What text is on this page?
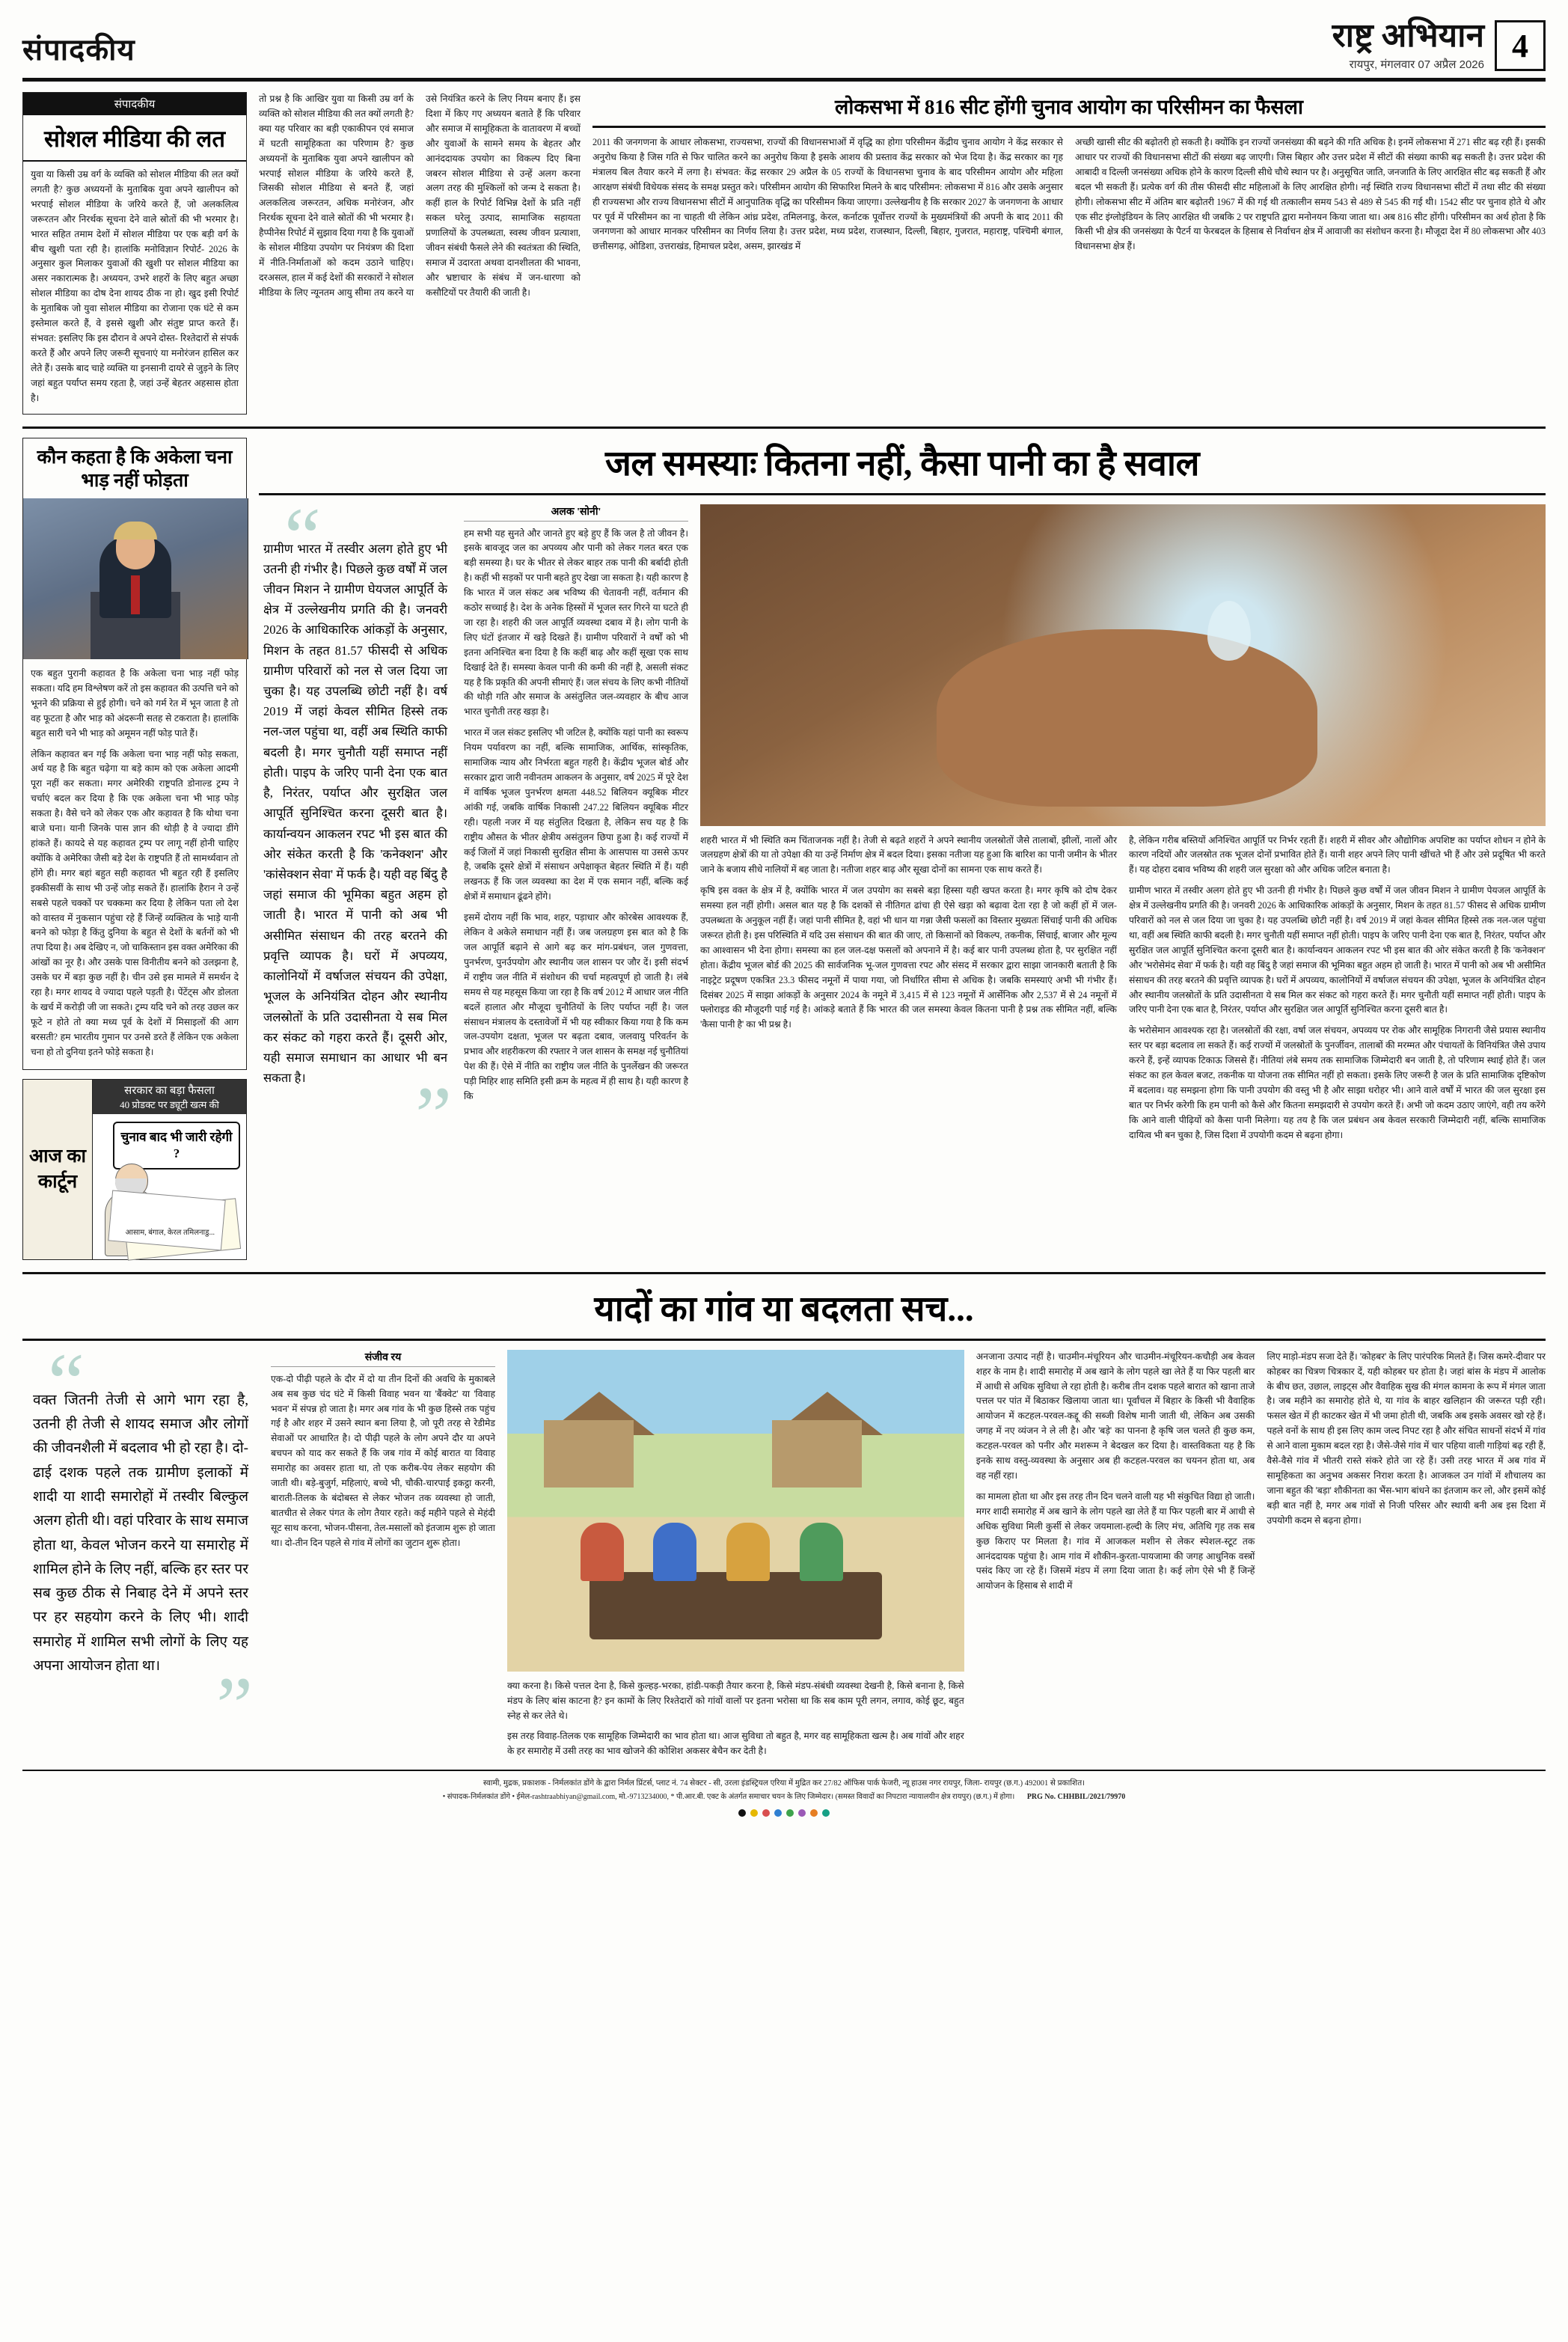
संपादकीय	राष्ट्र अभियान
रायपुर, मंगलवार 07 अप्रैल 2026
4
संपादकीय
सोशल मीडिया की लत
युवा या किसी उम्र वर्ग के व्यक्ति को सोशल मीडिया की लत क्यों लगती है? कुछ अध्ययनों के मुताबिक युवा अपने खालीपन को भरपाई सोशल मीडिया के जरिये करते हैं, जो अलकलित्व जरूरतन और निरर्थक सूचना देने वाले स्रोतों की भी भरमार है। भारत सहित तमाम देशों में सोशल मीडिया पर एक बड़ी वर्ग के बीच खुशी पता रही है। हालांकि मनोविज्ञान रिपोर्ट- 2026 के अनुसार कुल मिलाकर युवाओं की खुशी पर सोशल मीडिया का असर नकारात्मक है। अध्ययन, उभरे शहरों के लिए बहुत अच्छा सोशल मीडिया का दोष देना शायद ठीक ना हो। खुद इसी रिपोर्ट के मुताबिक जो युवा सोशल मीडिया का रोजाना एक घंटे से कम इस्तेमाल करते हैं, वे इससे खुशी और संतुष्ट प्राप्त करते हैं। संभवत: इसलिए कि इस दौरान वे अपने दोस्त- रिश्तेदारों से संपर्क करते हैं और अपने लिए जरूरी सूचनाएं या मनोरंजन हासिल कर लेते हैं। उसके बाद चाहे व्यक्ति या इनसानी दायरे से जुड़ने के लिए जहां बहुत पर्याप्त समय रहता है, जहां उन्हें बेहतर अहसास होता है।
तो प्रश्न है कि आखिर युवा या किसी उम्र वर्ग के व्यक्ति को सोशल मीडिया की लत क्यों लगती है? क्या यह परिवार का बड़ी एकाकीपन एवं समाज में घटती सामूहिकता का परिणाम है? कुछ अध्ययनों के मुताबिक युवा अपने खालीपन को भरपाई सोशल मीडिया के जरिये करते हैं, जिसकी सोशल मीडिया से बनते हैं, जहां अलकलित्व जरूरतन, अधिक मनोरंजन, और निरर्थक सूचना देने वाले स्रोतों की भी भरमार है। हैप्पीनेस रिपोर्ट में सुझाव दिया गया है कि युवाओं के सोशल मीडिया उपयोग पर नियंत्रण की दिशा में नीति-निर्माताओं को कदम उठाने चाहिए। दरअसल, हाल में कई देशों की सरकारों ने सोशल मीडिया के लिए न्यूनतम आयु सीमा तय करने या उसे नियंत्रित करने के लिए नियम बनाए हैं। इस दिशा में किए गए अध्ययन बताते हैं कि परिवार और समाज में सामूहिकता के वातावरण में बच्चों और युवाओं के सामने समय के बेहतर और आनंददायक उपयोग का विकल्प दिए बिना जबरन सोशल मीडिया से उन्हें अलग करना अलग तरह की मुश्किलों को जन्म दे सकता है। कहीं हाल के रिपोर्ट विभिन्न देशों के प्रति नहीं सकल घरेलू उत्पाद, सामाजिक सहायता प्रणालियों के उपलब्धता, स्वस्थ जीवन प्रत्याशा, जीवन संबंधी फैसले लेने की स्वतंत्रता की स्थिति, समाज में उदारता अथवा दानशीलता की भावना, और भ्रष्टाचार के संबंध में जन-धारणा को कसौटियों पर तैयारी की जाती है।
लोकसभा में 816 सीट होंगी चुनाव आयोग का परिसीमन का फैसला
2011 की जनगणना के आधार लोकसभा, राज्यसभा, राज्यों की विधानसभाओं में वृद्धि का होगा परिसीमन केंद्रीय चुनाव आयोग ने केंद्र सरकार से अनुरोध किया है जिस गति से फिर चालित करने का अनुरोध किया है इसके आशय की प्रस्ताव केंद्र सरकार को भेज दिया है। केंद्र सरकार का गृह मंत्रालय बिल तैयार करने में लगा है। संभवत: केंद्र सरकार 29 अप्रैल के 05 राज्यों के विधानसभा चुनाव के बाद परिसीमन आयोग और महिला आरक्षण संबंधी विधेयक संसद के समक्ष प्रस्तुत करे। परिसीमन आयोग की सिफारिश मिलने के बाद परिसीमन: लोकसभा में 816 और उसके अनुसार ही राज्यसभा और राज्य विधानसभा सीटों में आनुपातिक वृद्धि का परिसीमन किया जाएगा। उल्लेखनीय है कि सरकार 2027 के जनगणना के आधार पर पूर्व में परिसीमन का ना चाहती थी लेकिन आंध्र प्रदेश, तमिलनाडु, केरल, कर्नाटक पूर्वोत्तर राज्यों के मुख्यमंत्रियों की अपनी के बाद 2011 की जनगणना को आधार मानकर परिसीमन का निर्णय लिया है। उत्तर प्रदेश, मध्य प्रदेश, राजस्थान, दिल्ली, बिहार, गुजरात, महाराष्ट्र, पश्चिमी बंगाल, छत्तीसगढ़, ओडिशा, उत्तराखंड, हिमाचल प्रदेश, असम, झारखंड में
अच्छी खासी सीट की बढ़ोतरी हो सकती है। क्योंकि इन राज्यों जनसंख्या की बढ़ने की गति अधिक है। इनमें लोकसभा में 271 सीट बढ़ रही हैं। इसकी आधार पर राज्यों की विधानसभा सीटों की संख्या बढ़ जाएगी। जिस बिहार और उत्तर प्रदेश में सीटों की संख्या काफी बढ़ सकती है। उत्तर प्रदेश की आबादी व दिल्ली जनसंख्या अधिक होने के कारण दिल्ली सीधे चौथे स्थान पर है। अनुसूचित जाति, जनजाति के लिए आरक्षित सीट बढ़ सकती हैं और बदल भी सकती हैं। प्रत्येक वर्ग की तीस फीसदी सीट महिलाओं के लिए आरक्षित होगी। नई स्थिति राज्य विधानसभा सीटों में तथा सीट की संख्या होगी। लोकसभा सीट में अंतिम बार बढ़ोतरी 1967 में की गई थी तत्कालीन समय 543 से 489 से 545 की गई थी। 1542 सीट पर चुनाव होते थे और एक सीट इंग्लोइंडियन के लिए आरक्षित थी जबकि 2 पर राष्ट्रपति द्वारा मनोनयन किया जाता था। अब 816 सीट होंगी। परिसीमन का अर्थ होता है कि किसी भी क्षेत्र की जनसंख्या के पैटर्न या फेरबदल के हिसाब से निर्वाचन क्षेत्र में आवाजी का संशोधन करना है। मौजूदा देश में 80 लोकसभा और 403 विधानसभा क्षेत्र हैं।
कौन कहता है कि अकेला चना भाड़ नहीं फोड़ता
एक बहुत पुरानी कहावत है कि अकेला चना भाड़ नहीं फोड़ सकता। यदि हम विश्लेषण करें तो इस कहावत की उत्पत्ति चने को भूनने की प्रक्रिया से हुई होगी। चने को गर्म रेत में भून जाता है तो वह फूटता है और भाड़ को अंदरूनी सतह से टकराता है। हालांकि बहुत सारी चने भी भाड़ को अमूमन नहीं फोड़ पाते हैं।
लेकिन कहावत बन गई कि अकेला चना भाड़ नहीं फोड़ सकता, अर्थ यह है कि बहुत चढ़ेगा या बड़े काम को एक अकेला आदमी पूरा नहीं कर सकता। मगर अमेरिकी राष्ट्रपति डोनाल्ड ट्रम्प ने चर्चाएं बदल कर दिया है कि एक अकेला चना भी भाड़ फोड़ सकता है। वैसे चने को लेकर एक और कहावत है कि थोथा चना बाजे घना। यानी जिनके पास ज्ञान की थोड़ी है वे ज्यादा डींगे हांकते हैं। कायदे से यह कहावत ट्रम्प पर लागू नहीं होनी चाहिए क्योंकि वे अमेरिका जैसी बड़े देश के राष्ट्रपति हैं तो सामर्थ्यवान तो होंगे ही। मगर बहां बहुत सही कहावत भी बहुत रही हैं इसलिए इक्कीसवीं के साथ भी उन्हें जोड़ सकते हैं। हालांकि हैरान ने उन्हें सबसे पहले चक्कों पर चक्कमा कर दिया है लेकिन पता लो देश को वास्तव में नुकसान पहुंचा रहे हैं जिन्हें व्यक्तित्व के भाड़े यानी बनने को फोड़ा है किंतु दुनिया के बहुत से देशों के बर्तनों को भी तपा दिया है। अब देखिए न, जो चाकिस्तान इस वक्त अमेरिका की आंखों का नूर है। और उसके पास विनीतीय बनने को उलझना है, उसके घर में बड़ा कुछ नहीं है। चीन उसे इस मामले में समर्थन दे रहा है। मगर शायद वे ज्यादा पहले पड़ती है। पेंटेंट्स और डोलता के खर्च में करोड़ी जी जा सकते। ट्रम्प यदि चने को तरह उछल कर फूटे न होते तो क्या मध्य पूर्व के देशों में मिसाइलों की आग बरसती? हम भारतीय गुमान पर उनसे डरते हैं लेकिन एक अकेला चना हो तो दुनिया इतने फोड़े सकता है।
आज का कार्टून
सरकार का बड़ा फैसला
40 प्रोडक्ट पर ड्यूटी खत्म की
चुनाव बाद भी जारी रहेगी ?
आसाम, बंगाल, केरल तमिलनाडु...
जल समस्याः कितना नहीं, कैसा पानी का है सवाल
“
ग्रामीण भारत में तस्वीर अलग होते हुए भी उतनी ही गंभीर है। पिछले कुछ वर्षों में जल जीवन मिशन ने ग्रामीण घेयजल आपूर्ति के क्षेत्र में उल्लेखनीय प्रगति की है। जनवरी 2026 के आधिकारिक आंकड़ों के अनुसार, मिशन के तहत 81.57 फीसदी से अधिक ग्रामीण परिवारों को नल से जल दिया जा चुका है। यह उपलब्धि छोटी नहीं है। वर्ष 2019 में जहां केवल सीमित हिस्से तक नल-जल पहुंचा था, वहीं अब स्थिति काफी बदली है। मगर चुनौती यहीं समाप्त नहीं होती। पाइप के जरिए पानी देना एक बात है, निरंतर, पर्याप्त और सुरक्षित जल आपूर्ति सुनिश्चित करना दूसरी बात है। कार्यान्वयन आकलन रपट भी इस बात की ओर संकेत करती है कि 'कनेक्शन' और 'कांसेक्शन सेवा' में फर्क है। यही वह बिंदु है जहां समाज की भूमिका बहुत अहम हो जाती है। भारत में पानी को अब भी असीमित संसाधन की तरह बरतने की प्रवृत्ति व्यापक है। घरों में अपव्यय, कालोनियों में वर्षाजल संचयन की उपेक्षा, भूजल के अनियंत्रित दोहन और स्थानीय जलस्रोतों के प्रति उदासीनता ये सब मिल कर संकट को गहरा करते हैं। दूसरी ओर, यही समाज समाधान का आधार भी बन सकता है।	”
अलक 'सोनी'
हम सभी यह सुनते और जानते हुए बड़े हुए हैं कि जल है तो जीवन है। इसके बावजूद जल का अपव्यय और पानी को लेकर गलत बरत एक बड़ी समस्या है। घर के भीतर से लेकर बाहर तक पानी की बर्बादी होती है। कहीं भी सड़कों पर पानी बहते हुए देखा जा सकता है। यही कारण है कि भारत में जल संकट अब भविष्य की चेतावनी नहीं, वर्तमान की कठोर सच्चाई है। देश के अनेक हिस्सों में भूजल स्तर गिरने या घटते ही जा रहा है। शहरी की जल आपूर्ति व्यवस्था दबाव में है। लोग पानी के लिए घंटों इंतजार में खड़े दिखते हैं। ग्रामीण परिवारों ने वर्षों को भी इतना अनिश्चित बना दिया है कि कहीं बाढ़ और कहीं सूखा एक साथ दिखाई देते हैं। समस्या केवल पानी की कमी की नहीं है, असली संकट यह है कि प्रकृति की अपनी सीमाएं हैं। जल संचय के लिए कभी नीतियों की थोड़ी गति और समाज के असंतुलित जल-व्यवहार के बीच आज भारत चुनौती तरह खड़ा है।
भारत में जल संकट इसलिए भी जटिल है, क्योंकि यहां पानी का स्वरूप नियम पर्यावरण का नहीं, बल्कि सामाजिक, आर्थिक, सांस्कृतिक, सामाजिक न्याय और निर्भरता बहुत गहरी है। केंद्रीय भूजल बोर्ड और सरकार द्वारा जारी नवीनतम आकलन के अनुसार, वर्ष 2025 में पूरे देश में वार्षिक भूजल पुनर्भरण क्षमता 448.52 बिलियन क्यूबिक मीटर आंकी गई, जबकि वार्षिक निकासी 247.22 बिलियन क्यूबिक मीटर रही। पहली नजर में यह संतुलित दिखता है, लेकिन सच यह है कि राष्ट्रीय औसत के भीतर क्षेत्रीय असंतुलन छिपा हुआ है। कई राज्यों में कई जिलों में जहां निकासी सुरक्षित सीमा के आसपास या उससे ऊपर है, जबकि दूसरे क्षेत्रों में संसाधन अपेक्षाकृत बेहतर स्थिति में हैं। यही लखनऊ हैं कि जल व्यवस्था का देश में एक समान नहीं, बल्कि कई क्षेत्रों में समाधान ढूंढने होंगे।
इसमें दोराय नहीं कि भाव, शहर, पड़ाधार और कोरबेस आवश्यक हैं, लेकिन वे अकेले समाधान नहीं हैं। जब जलग्रहण इस बात को है कि जल आपूर्ति बढ़ाने से आगे बढ़ कर मांग-प्रबंधन, जल गुणवत्ता, पुनर्भरण, पुनर्उपयोग और स्थानीय जल शासन पर जौर दें। इसी संदर्भ में राष्ट्रीय जल नीति में संशोधन की चर्चा महत्वपूर्ण हो जाती है। लंबे समय से यह महसूस किया जा रहा है कि वर्ष 2012 में आधार जल नीति बदलें हालात और मौजूदा चुनौतियों के लिए पर्याप्त नहीं है। जल संसाधन मंत्रालय के दस्तावेजों में भी यह स्वीकार किया गया है कि कम जल-उपयोग दक्षता, भूजल पर बढ़ता दबाव, जलवायु परिवर्तन के प्रभाव और शहरीकरण की रफ्तार ने जल शासन के समक्ष नई चुनौतियां पेश की हैं। ऐसे में नीति का राष्ट्रीय जल नीति के पुनर्लेखन की जरूरत पड़ी मिहिर शाह समिति इसी क्रम के महत्व में ही साथ है। यही कारण है कि
शहरी भारत में भी स्थिति कम चिंताजनक नहीं है। तेजी से बढ़ते शहरों ने अपने स्थानीय जलस्रोतों जैसे तालाबों, झीलों, नालों और जलग्रहण क्षेत्रों की या तो उपेक्षा की या उन्हें निर्माण क्षेत्र में बदल दिया। इसका नतीजा यह हुआ कि बारिश का पानी जमीन के भीतर जाने के बजाय सीधे नालियों में बह जाता है। नतीजा शहर बाढ़ और सूखा दोनों का सामना एक साथ करते हैं।
कृषि इस वक्त के क्षेत्र में है, क्योंकि भारत में जल उपयोग का सबसे बड़ा हिस्सा यही खपत करता है। मगर कृषि को दोष देकर समस्या हल नहीं होगी। असल बात यह है कि दशकों से नीतिगत ढांचा ही ऐसे खड़ा को बढ़ावा देता रहा है जो कहीं हों में जल-उपलब्धता के अनुकूल नहीं हैं। जहां पानी सीमित है, वहां भी धान या गन्ना जैसी फसलों का विस्तार मुख्यतः सिंचाई पानी की अधिक जरूरत होती है। इस परिस्थिति में यदि उस संसाधन की बात की जाए, तो किसानों को विकल्प, तकनीक, सिंचाई, बाजार और मूल्य का आश्वासन भी देना होगा। समस्या का हल जल-दक्ष फसलों को अपनाने में है। कई बार पानी उपलब्ध होता है, पर सुरक्षित नहीं होता। केंद्रीय भूजल बोर्ड की 2025 की सार्वजनिक भू-जल गुणवत्ता रपट और संसद में सरकार द्वारा साझा जानकारी बताती है कि नाइट्रेट प्रदूषण एकत्रित 23.3 फीसद नमूनों में पाया गया, जो निर्धारित सीमा से अधिक है। जबकि समस्याएं अभी भी गंभीर हैं। दिसंबर 2025 में साझा आंकड़ों के अनुसार 2024 के नमूने में 3,415 में से 123 नमूनों में आर्सेनिक और 2,537 में से 24 नमूनों में फ्लोराइड की मौजूदगी पाई गई है। आंकड़े बताते हैं कि भारत की जल समस्या केवल कितना पानी है प्रश्न तक सीमित नहीं, बल्कि 'कैसा पानी है' का भी प्रश्न है।
है, लेकिन गरीब बस्तियों अनिश्चित आपूर्ति पर निर्भर रहती हैं। शहरी में सीवर और औद्योगिक अपशिष्ट का पर्याप्त शोधन न होने के कारण नदियों और जलस्रोत तक भूजल दोनों प्रभावित होते हैं। यानी शहर अपने लिए पानी खींचते भी हैं और उसे प्रदूषित भी करते हैं। यह दोहरा दबाव भविष्य की शहरी जल सुरक्षा को और अधिक जटिल बनाता है।
ग्रामीण भारत में तस्वीर अलग होते हुए भी उतनी ही गंभीर है। पिछले कुछ वर्षों में जल जीवन मिशन ने ग्रामीण पेयजल आपूर्ति के क्षेत्र में उल्लेखनीय प्रगति की है। जनवरी 2026 के आधिकारिक आंकड़ों के अनुसार, मिशन के तहत 81.57 फीसद से अधिक ग्रामीण परिवारों को नल से जल दिया जा चुका है। यह उपलब्धि छोटी नहीं है। वर्ष 2019 में जहां केवल सीमित हिस्से तक नल-जल पहुंचा था, वहीं अब स्थिति काफी बदली है। मगर चुनौती यहीं समाप्त नहीं होती। पाइप के जरिए पानी देना एक बात है, निरंतर, पर्याप्त और सुरक्षित जल आपूर्ति सुनिश्चित करना दूसरी बात है। कार्यान्वयन आकलन रपट भी इस बात की ओर संकेत करती है कि 'कनेक्शन' और 'भरोसेमंद सेवा' में फर्क है। यही वह बिंदु है जहां समाज की भूमिका बहुत अहम हो जाती है। भारत में पानी को अब भी असीमित संसाधन की तरह बरतने की प्रवृत्ति व्यापक है। घरों में अपव्यय, कालोनियों में वर्षाजल संचयन की उपेक्षा, भूजल के अनियंत्रित दोहन और स्थानीय जलस्रोतों के प्रति उदासीनता ये सब मिल कर संकट को गहरा करते हैं। मगर चुनौती यहीं समाप्त नहीं होती। पाइप के जरिए पानी देना एक बात है, निरंतर, पर्याप्त और सुरक्षित जल आपूर्ति सुनिश्चित करना दूसरी बात है।
के भरोसेमान आवश्यक रहा है। जलस्रोतों की रक्षा, वर्षा जल संचयन, अपव्यय पर रोक और सामूहिक निगरानी जैसे प्रयास स्थानीय स्तर पर बड़ा बदलाव ला सकते हैं। कई राज्यों में जलस्रोतों के पुनर्जीवन, तालाबों की मरम्मत और पंचायतों के विनियंत्रित जैसे उपाय करने हैं, इन्हें व्यापक टिकाऊ जिससे हैं। नीतियां लंबे समय तक सामाजिक जिम्मेदारी बन जाती है, तो परिणाम स्थाई होते हैं। जल संकट का हल केवल बजट, तकनीक या योजना तक सीमित नहीं हो सकता। इसके लिए जरूरी है जल के प्रति सामाजिक दृष्टिकोण में बदलाव। यह समझना होगा कि पानी उपयोग की वस्तु भी है और साझा धरोहर भी। आने वाले वर्षों में भारत की जल सुरक्षा इस बात पर निर्भर करेगी कि हम पानी को कैसे और कितना समझदारी से उपयोग करते हैं। अभी जो कदम उठाए जाएंगे, वही तय करेंगे कि आने वाली पीढ़ियों को कैसा पानी मिलेगा। यह तय है कि जल प्रबंधन अब केवल सरकारी जिम्मेदारी नहीं, बल्कि सामाजिक दायित्व भी बन चुका है, जिस दिशा में उपयोगी कदम से बढ़ना होगा।
यादों का गांव या बदलता सच...
“
वक्त जितनी तेजी से आगे भाग रहा है, उतनी ही तेजी से शायद समाज और लोगों की जीवनशैली में बदलाव भी हो रहा है। दो-ढाई दशक पहले तक ग्रामीण इलाकों में शादी या शादी समारोहों में तस्वीर बिल्कुल अलग होती थी। वहां परिवार के साथ समाज होता था, केवल भोजन करने या समारोह में शामिल होने के लिए नहीं, बल्कि हर स्तर पर सब कुछ ठीक से निबाह देने में अपने स्तर पर हर सहयोग करने के लिए भी। शादी समारोह में शामिल सभी लोगों के लिए यह अपना आयोजन होता था। ”
संजीव रय
एक-दो पीढ़ी पहले के दौर में दो या तीन दिनों की अवधि के मुकाबले अब सब कुछ चंद घंटे में किसी विवाह भवन या 'बैंक्वेट' या 'विवाह भवन' में संपन्न हो जाता है। मगर अब गांव के भी कुछ हिस्से तक पहुंच गई है और शहर में उसने स्थान बना लिया है, जो पूरी तरह से रेडीमेड सेवाओं पर आधारित है। दो पीढ़ी पहले के लोग अपने दौर या अपने बचपन को याद कर सकते हैं कि जब गांव में कोई बारात या विवाह समारोह का अवसर हाता था, तो एक करीब-पेय लेकर सहयोग की जाती थी। बड़े-बुजुर्ग, महिलाएं, बच्चे भी, चौकी-चारपाई इकट्ठा करनी, बाराती-तिलक के बंदोबस्त से लेकर भोजन तक व्यवस्था हो जाती, बातचीत से लेकर पंगत के लोग तैयार रहते। कई महीने पहले से मेहंदी सूट साथ करना, भोजन-पीसना, तेल-मसालों को इंतजाम शुरू हो जाता था। दो-तीन दिन पहले से गांव में लोगों का जुटान शुरू होता।
क्या करना है। किसे पत्तल देना है, किसे कुल्हड़-भरका, हांडी-पकड़ी तैयार करना है, किसे मंडप-संबंधी व्यवस्था देखनी है, किसे बनाना है, किसे मंडप के लिए बांस काटना है? इन कामों के लिए रिश्तेदारों को गांवों वालों पर इतना भरोसा था कि सब काम पूरी लगन, लगाव, कोई छूट, बहुत स्नेह से कर लेते थे।
इस तरह विवाह-तिलक एक सामूहिक जिम्मेदारी का भाव होता था। आज सुविधा तो बहुत है, मगर वह सामूहिकता खत्म है। अब गांवों और शहर के हर समारोह में उसी तरह का भाव खोजने की कोशिश अकसर बेचैन कर देती है।
अनजाना उत्पाद नहीं है। चाउमीन-मंचूरियन और चाउमीन-मंचूरियन-कचौड़ी अब केवल शहर के नाम है। शादी समारोह में अब खाने के लोग पहले खा लेते हैं या फिर पहली बार में आधी से अधिक सुविधा ले रहा होती है। करीब तीन दशक पहले बारात को खाना ताजे पत्तल पर पांत में बिठाकर खिलाया जाता था। पूर्वांचल में बिहार के किसी भी वैवाहिक आयोजन में कटहल-परवल-कद्दू की सब्जी विशेष मानी जाती थी, लेकिन अब उसकी जगह में नए व्यंजन ने ले ली है। और 'बड़े' का पानना है कृषि जल चलते ही कुछ कम, कटहल-परवल को पनीर और मशरूम ने बेदखल कर दिया है। वास्तविकता यह है कि इनके साथ वस्तु-व्यवस्था के अनुसार अब ही कटहल-परवल का चयनन होता था, अब वह नहीं रहा।
का मामला होता था और इस तरह तीन दिन चलने वाली यह भी संकुचित विद्या हो जाती। मगर शादी समारोह में अब खाने के लोग पहले खा लेते हैं या फिर पहली बार में आधी से अधिक सुविधा मिली कुर्सी से लेकर जयमाला-हल्दी के लिए मंच, अतिथि गृह तक सब कुछ किराए पर मिलता है। गांव में आजकल मशीन से लेकर स्पेशल-स्टूट तक आनंददायक पहुंचा है। आम गांव में शौकीन-कुरता-पायजामा की जगह आधुनिक वस्त्रों पसंद किए जा रहे हैं। जिसमें मंडप में लगा दिया जाता है। कई लोग ऐसे भी हैं जिन्हें आयोजन के हिसाब से शादी में
लिए माड़ो-मंडप सजा देते हैं। 'कोहबर' के लिए पारंपरिक मिलते हैं। जिस कमरे-दीवार पर कोहबर का चित्रण चित्रकार दें, यही कोहबर घर होता है। जहां बांस के मंडप में आलोक के बीच छत, उछाल, लाइट्स और वैवाहिक सुख की मंगल कामना के रूप में मंगल जाता है। जब महीने का समारोह होते थे, या गांव के बाहर खलिहान की जरूरत पड़ी रही। फसल खेत में ही काटकर खेत में भी जमा होती थी, जबकि अब इसके अवसर खो रहे हैं। पहले वनों के साथ ही इस लिए काम जल्द निपट रहा है और संचित साधनों संदर्भ में गांव से आने वाला मुकाम बदल रहा है। जैसे-जैसे गांव में चार पहिया वाली गाड़ियां बढ़ रही हैं, वैसे-वैसे गांव में भीतरी रास्ते संकरे होते जा रहे हैं। उसी तरह भारत में अब गांव में सामूहिकता का अनुभव अकसर निराश करता है। आजकल उन गांवों में शौचालय का जाना बहुत की 'बड़ा' शौकीनता का भैंस-भाग बांधने का इंतजाम कर लो, और इसमें कोई बड़ी बात नहीं है, मगर अब गांवों से निजी परिसर और स्थायी बनी अब इस दिशा में उपयोगी कदम से बढ़ना होगा।
स्वामी, मुद्रक, प्रकाशक - निर्मलकांत डोंगे के द्वारा निर्मल प्रिंटर्स, प्लाट नं. 74 सेक्टर - सी, उरला इंडस्ट्रियल एरिया में मुद्रित कर 27/82 ऑफिस पार्क फेजरी, न्यू हाउस नगर रायपुर, जिला- रायपुर (छ.ग.) 492001 से प्रकाशित।
• संपादक-निर्मलकांत डोंगे • ईमेल-rashtraabhiyan@gmail.com, मो.-9713234000, * पी.आर.बी. एक्ट के अंतर्गत समाचार चयन के लिए जिम्मेदार। (समस्त विवादों का निपटारा न्यायालयीन क्षेत्र रायपुर) (छ.ग.) में होगा। PRG No. CHHBIL/2021/79970
